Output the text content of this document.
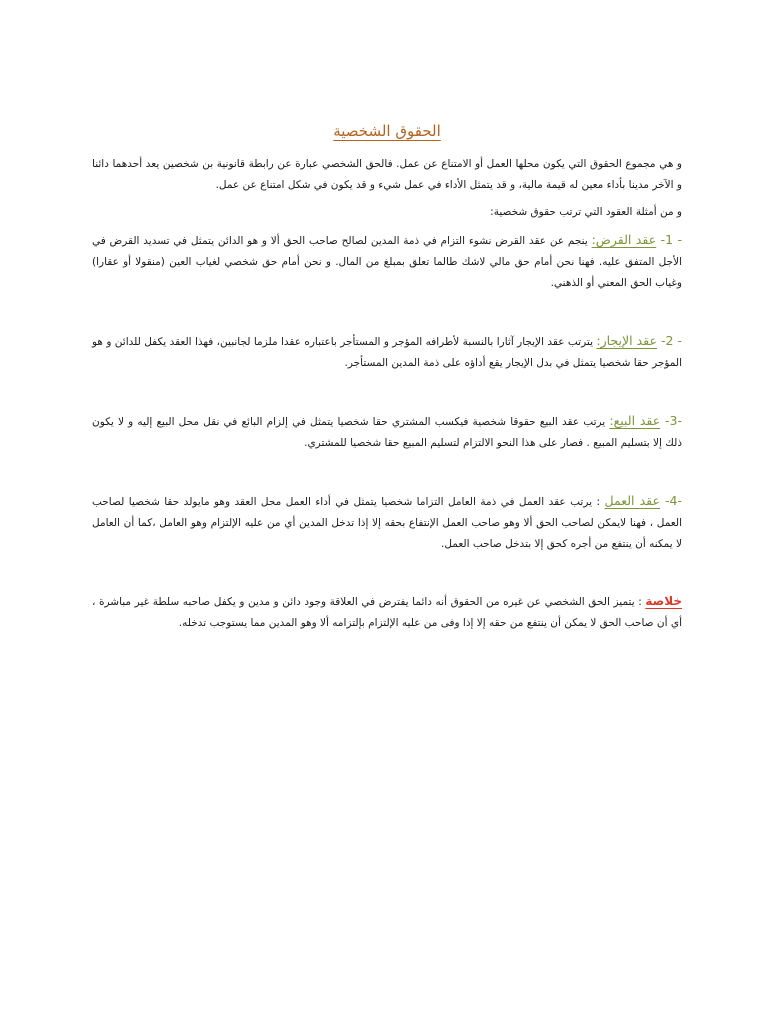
الحقوق الشخصية

و هي مجموع الحقوق التي يكون محلها العمل أو الامتناع عن عمل. فالحق الشخصي عبارة عن رابطة قانونية بن شخصين يعد أحدهما دائنا و الآخر مدينا بأداء معين له قيمة مالية، و قد يتمثل الأداء في عمل شيء و قد يكون في شكل امتناع عن عمل.

و من أمثلة العقود التي ترتب حقوق شخصية:

- 1- عقد القرض: ينجم عن عقد القرض نشوء التزام في ذمة المدين لصالح صاحب الحق ألا و هو الدائن يتمثل في تسديد القرض في الأجل المتفق عليه. فهنا نحن أمام حق مالي لاشك طالما تعلق بمبلغ من المال. و نحن أمام حق شخصي لغياب العين (منقولا أو عقارا) وغياب الحق المعني أو الذهني.

- 2- عقد الإيجار: يترتب عقد الإيجار آثارا بالنسبة لأطرافه المؤجر و المستأجر باعتباره عقدا ملزما لجانبين، فهذا العقد يكفل للدائن و هو المؤجر حقا شخصيا يتمثل في بدل الإيجار يقع أداؤه على ذمة المدين المستأجر.

-3- عقد البيع: يرتب عقد البيع حقوقا شخصية فيكسب المشتري حقا شخصيا يتمثل في إلزام البائع في نقل محل البيع إليه و لا يكون ذلك إلا بتسليم المبيع . فصار على هذا النحو الالتزام لتسليم المبيع حقا شخصيا للمشتري.

-4- عقد العمل : يرتب عقد العمل في ذمة العامل التزاما شخصيا يتمثل في أداء العمل محل العقد وهو مايولد حقا شخصيا لصاحب العمل ، فهنا لايمكن لصاحب الحق ألا وهو صاحب العمل الإنتفاع بحقه إلا إذا تدخل المدين أي من عليه الإلتزام وهو العامل ،كما أن العامل لا يمكنه أن ينتفع من أجره كحق إلا بتدخل صاحب العمل.

خلاصة : يتميز الحق الشخصي عن غيره من الحقوق أنه دائما يفترض في العلاقة وجود دائن و مدين و يكفل صاحبه سلطة غير مباشرة ، أي أن صاحب الحق لا يمكن أن ينتفع من حقه إلا إذا وفى من عليه الإلتزام بإلتزامه ألا وهو المدين مما يستوجب تدخله.
